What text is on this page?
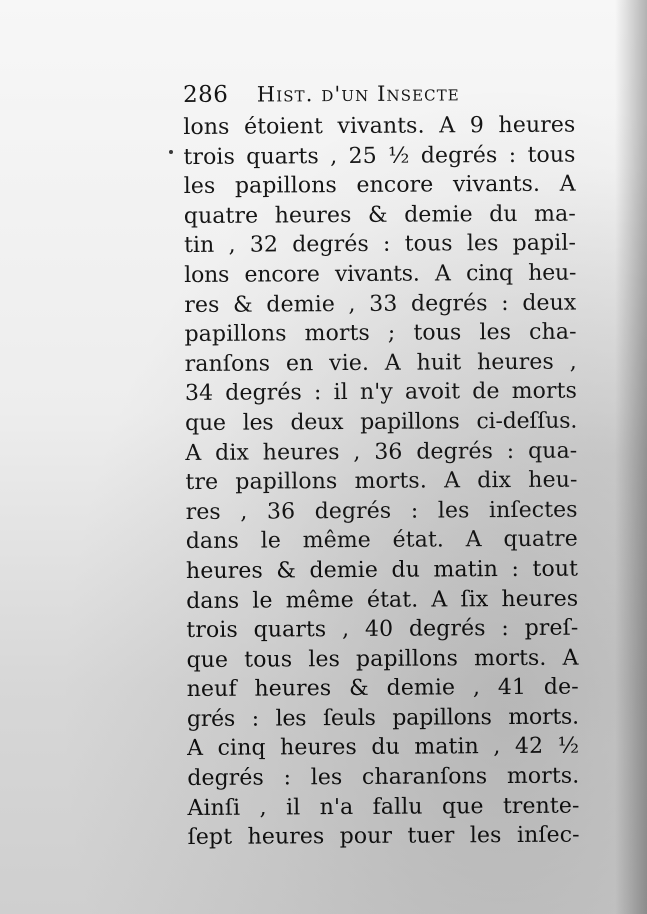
286 Hist. d'un Insecte
lons étoient vivants. A 9 heures
trois quarts , 25 ½ degrés : tous
les papillons encore vivants. A
quatre heures & demie du ma-
tin , 32 degrés : tous les papil-
lons encore vivants. A cinq heu-
res & demie , 33 degrés : deux
papillons morts ; tous les cha-
ranſons en vie. A huit heures ,
34 degrés : il n'y avoit de morts
que les deux papillons ci-deſſus.
A dix heures , 36 degrés : qua-
tre papillons morts. A dix heu-
res , 36 degrés : les inſectes
dans le même état. A quatre
heures & demie du matin : tout
dans le même état. A ſix heures
trois quarts , 40 degrés : preſ-
que tous les papillons morts. A
neuf heures & demie , 41 de-
grés : les ſeuls papillons morts.
A cinq heures du matin , 42 ½
degrés : les charanſons morts.
Ainſi , il n'a fallu que trente-
ſept heures pour tuer les inſec-
